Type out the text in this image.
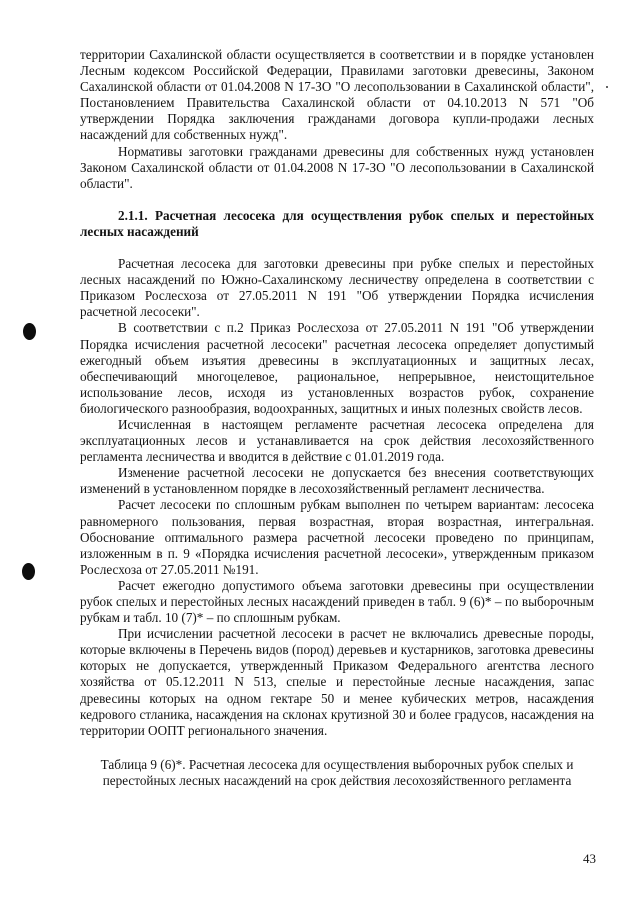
территории Сахалинской области осуществляется в соответствии и в порядке установлен Лесным кодексом Российской Федерации, Правилами заготовки древесины, Законом Сахалинской области от 01.04.2008 N 17-ЗО "О лесопользовании в Сахалинской области", Постановлением Правительства Сахалинской области от 04.10.2013 N 571 "Об утверждении Порядка заключения гражданами договора купли-продажи лесных насаждений для собственных нужд".

Нормативы заготовки гражданами древесины для собственных нужд установлен Законом Сахалинской области от 01.04.2008 N 17-ЗО "О лесопользовании в Сахалинской области".

2.1.1. Расчетная лесосека для осуществления рубок спелых и перестойных лесных насаждений

Расчетная лесосека для заготовки древесины при рубке спелых и перестойных лесных насаждений по Южно-Сахалинскому лесничеству определена в соответствии с Приказом Рослесхоза от 27.05.2011 N 191 "Об утверждении Порядка исчисления расчетной лесосеки".

В соответствии с п.2 Приказ Рослесхоза от 27.05.2011 N 191 "Об утверждении Порядка исчисления расчетной лесосеки" расчетная лесосека определяет допустимый ежегодный объем изъятия древесины в эксплуатационных и защитных лесах, обеспечивающий многоцелевое, рациональное, непрерывное, неистощительное использование лесов, исходя из установленных возрастов рубок, сохранение биологического разнообразия, водоохранных, защитных и иных полезных свойств лесов.

Исчисленная в настоящем регламенте расчетная лесосека определена для эксплуатационных лесов и устанавливается на срок действия лесохозяйственного регламента лесничества и вводится в действие с 01.01.2019 года.

Изменение расчетной лесосеки не допускается без внесения соответствующих изменений в установленном порядке в лесохозяйственный регламент лесничества.

Расчет лесосеки по сплошным рубкам выполнен по четырем вариантам: лесосека равномерного пользования, первая возрастная, вторая возрастная, интегральная. Обоснование оптимального размера расчетной лесосеки проведено по принципам, изложенным в п. 9 «Порядка исчисления расчетной лесосеки», утвержденным приказом Рослесхоза от 27.05.2011 №191.

Расчет ежегодно допустимого объема заготовки древесины при осуществлении рубок спелых и перестойных лесных насаждений приведен в табл. 9 (6)* – по выборочным рубкам и табл. 10 (7)* – по сплошным рубкам.

При исчислении расчетной лесосеки в расчет не включались древесные породы, которые включены в Перечень видов (пород) деревьев и кустарников, заготовка древесины которых не допускается, утвержденный Приказом Федерального агентства лесного хозяйства от 05.12.2011 N 513, спелые и перестойные лесные насаждения, запас древесины которых на одном гектаре 50 и менее кубических метров, насаждения кедрового стланика, насаждения на склонах крутизной 30 и более градусов, насаждения на территории ООПТ регионального значения.

Таблица 9 (6)*. Расчетная лесосека для осуществления выборочных рубок спелых и перестойных лесных насаждений на срок действия лесохозяйственного регламента

43
